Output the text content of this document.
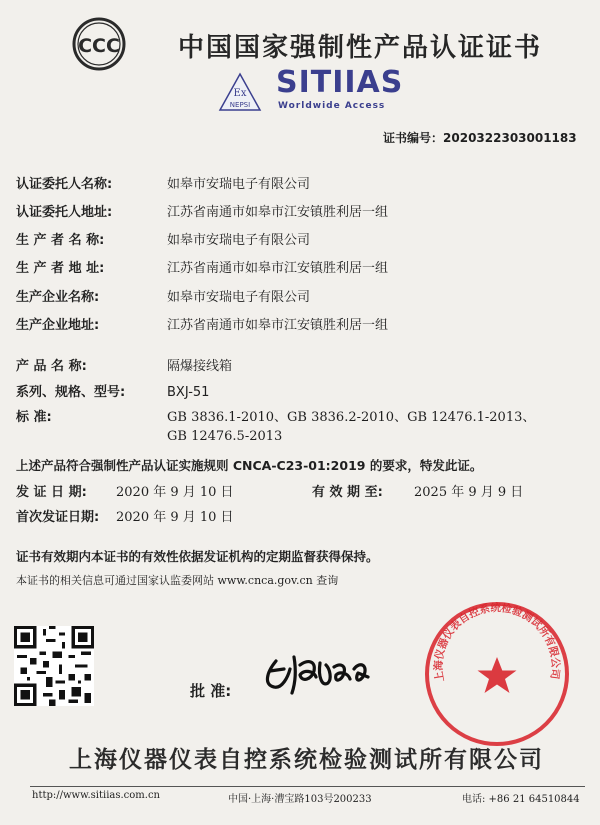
CCC 中国国家强制性产品认证证书
Ex
NEPSI
SITIIAS
Worldwide Access
证书编号：2020322303001183
认证委托人名称:	如皋市安瑞电子有限公司
认证委托人地址:	江苏省南通市如皋市江安镇胜利居一组
生 产 者 名 称:	如皋市安瑞电子有限公司
生 产 者 地 址:	江苏省南通市如皋市江安镇胜利居一组
生产企业名称:	如皋市安瑞电子有限公司
生产企业地址:	江苏省南通市如皋市江安镇胜利居一组
产 品 名 称:	隔爆接线箱
系列、规格、型号:	BXJ-51
标 准:	GB 3836.1-2010、GB 3836.2-2010、GB 12476.1-2013、
GB 12476.5-2013
上述产品符合强制性产品认证实施规则 CNCA-C23-01:2019 的要求，特发此证。
发 证 日 期: 2020 年 9 月 10 日	有 效 期 至: 2025 年 9 月 9 日
首次发证日期: 2020 年 9 月 10 日
证书有效期内本证书的有效性依据发证机构的定期监督获得保持。
本证书的相关信息可通过国家认监委网站 www.cnca.gov.cn 查询
上海仪器仪表自控系统检验测试所有限公司
批 准:
上海仪器仪表自控系统检验测试所有限公司
http://www.sitiias.com.cn	中国·上海·漕宝路103号200233	电话: +86 21 64510844
